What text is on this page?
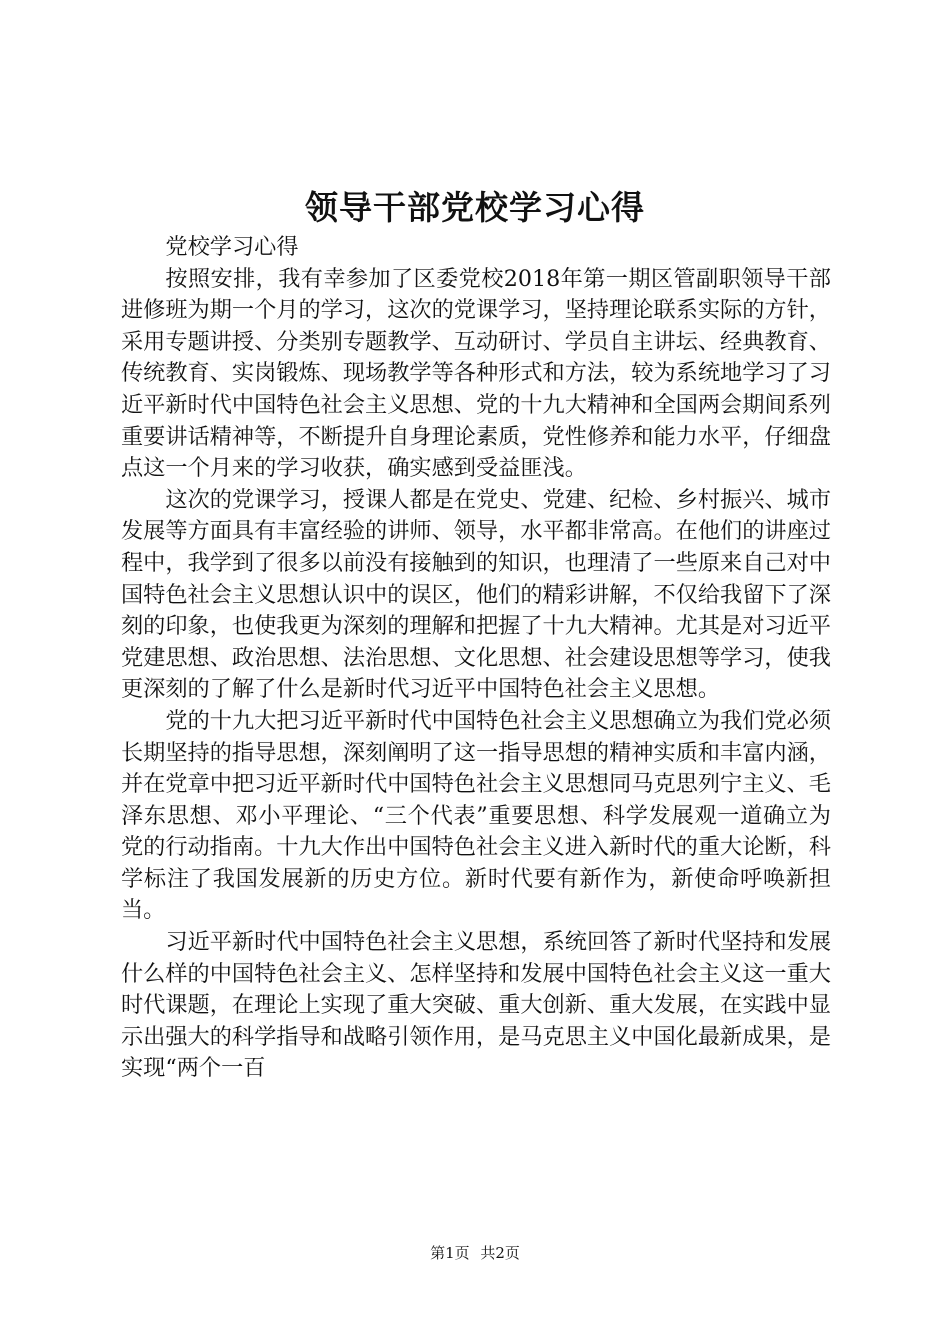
领导干部党校学习心得

党校学习心得

按照安排，我有幸参加了区委党校2018年第一期区管副职领导干部进修班为期一个月的学习，这次的党课学习，坚持理论联系实际的方针，采用专题讲授、分类别专题教学、互动研讨、学员自主讲坛、经典教育、传统教育、实岗锻炼、现场教学等各种形式和方法，较为系统地学习了习近平新时代中国特色社会主义思想、党的十九大精神和全国两会期间系列重要讲话精神等，不断提升自身理论素质，党性修养和能力水平，仔细盘点这一个月来的学习收获，确实感到受益匪浅。

这次的党课学习，授课人都是在党史、党建、纪检、乡村振兴、城市发展等方面具有丰富经验的讲师、领导，水平都非常高。在他们的讲座过程中，我学到了很多以前没有接触到的知识，也理清了一些原来自己对中国特色社会主义思想认识中的误区，他们的精彩讲解，不仅给我留下了深刻的印象，也使我更为深刻的理解和把握了十九大精神。尤其是对习近平党建思想、政治思想、法治思想、文化思想、社会建设思想等学习，使我更深刻的了解了什么是新时代习近平中国特色社会主义思想。

党的十九大把习近平新时代中国特色社会主义思想确立为我们党必须长期坚持的指导思想，深刻阐明了这一指导思想的精神实质和丰富内涵，并在党章中把习近平新时代中国特色社会主义思想同马克思列宁主义、毛泽东思想、邓小平理论、“三个代表”重要思想、科学发展观一道确立为党的行动指南。十九大作出中国特色社会主义进入新时代的重大论断，科学标注了我国发展新的历史方位。新时代要有新作为，新使命呼唤新担当。

习近平新时代中国特色社会主义思想，系统回答了新时代坚持和发展什么样的中国特色社会主义、怎样坚持和发展中国特色社会主义这一重大时代课题，在理论上实现了重大突破、重大创新、重大发展，在实践中显示出强大的科学指导和战略引领作用，是马克思主义中国化最新成果，是实现“两个一百

第1页 共2页
